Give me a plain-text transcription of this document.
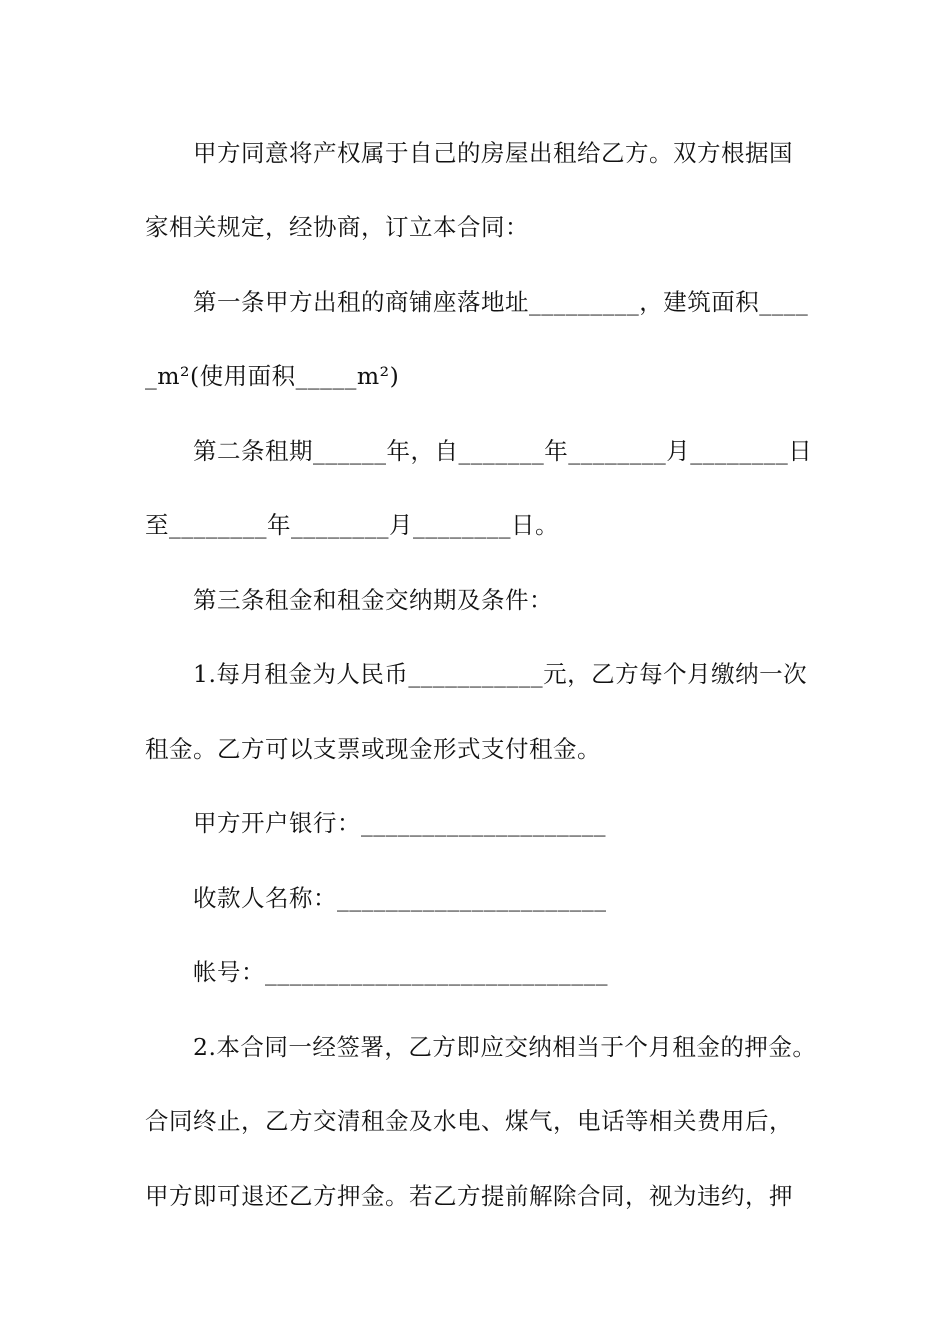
甲方同意将产权属于自己的房屋出租给乙方。双方根据国
家相关规定，经协商，订立本合同：
第一条甲方出租的商铺座落地址_________，建筑面积____
_m²(使用面积_____m²)
第二条租期______年，自_______年________月________日
至________年________月________日。
第三条租金和租金交纳期及条件：
1.每月租金为人民币___________元，乙方每个月缴纳一次
租金。乙方可以支票或现金形式支付租金。
甲方开户银行：____________________
收款人名称：______________________
帐号：____________________________
2.本合同一经签署，乙方即应交纳相当于个月租金的押金。
合同终止，乙方交清租金及水电、煤气，电话等相关费用后，
甲方即可退还乙方押金。若乙方提前解除合同，视为违约，押
